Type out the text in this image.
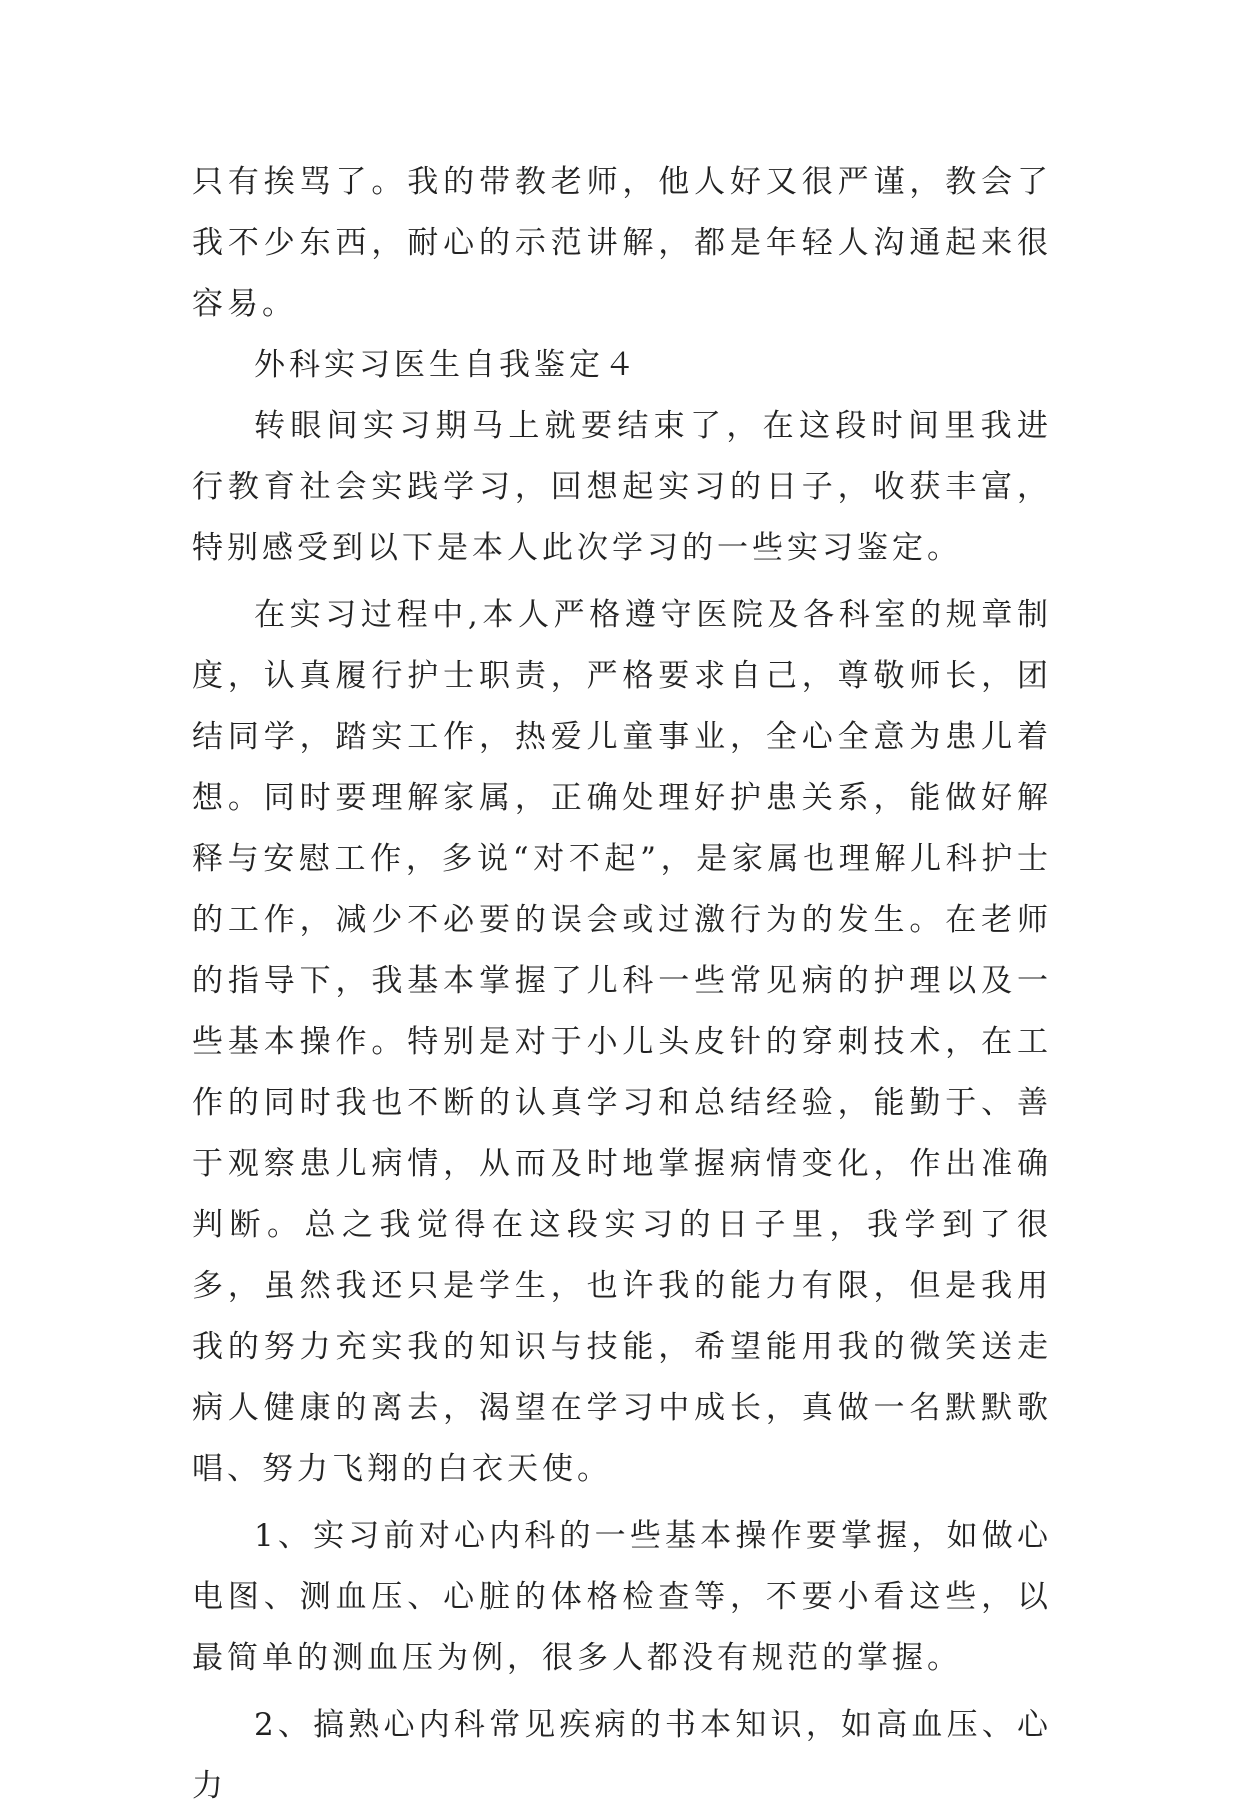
只有挨骂了。我的带教老师，他人好又很严谨，教会了我不少东西，耐心的示范讲解，都是年轻人沟通起来很容易。

外科实习医生自我鉴定４

转眼间实习期马上就要结束了，在这段时间里我进行教育社会实践学习，回想起实习的日子，收获丰富，特别感受到以下是本人此次学习的一些实习鉴定。

在实习过程中,本人严格遵守医院及各科室的规章制度，认真履行护士职责，严格要求自己，尊敬师长，团结同学，踏实工作，热爱儿童事业，全心全意为患儿着想。同时要理解家属，正确处理好护患关系，能做好解释与安慰工作，多说“对不起”，是家属也理解儿科护士的工作，减少不必要的误会或过激行为的发生。在老师的指导下，我基本掌握了儿科一些常见病的护理以及一些基本操作。特别是对于小儿头皮针的穿刺技术，在工作的同时我也不断的认真学习和总结经验，能勤于、善于观察患儿病情，从而及时地掌握病情变化，作出准确判断。总之我觉得在这段实习的日子里，我学到了很多，虽然我还只是学生，也许我的能力有限，但是我用我的努力充实我的知识与技能，希望能用我的微笑送走病人健康的离去，渴望在学习中成长，真做一名默默歌唱、努力飞翔的白衣天使。

1、实习前对心内科的一些基本操作要掌握，如做心电图、测血压、心脏的体格检查等，不要小看这些，以最简单的测血压为例，很多人都没有规范的掌握。

2、搞熟心内科常见疾病的书本知识，如高血压、心力
